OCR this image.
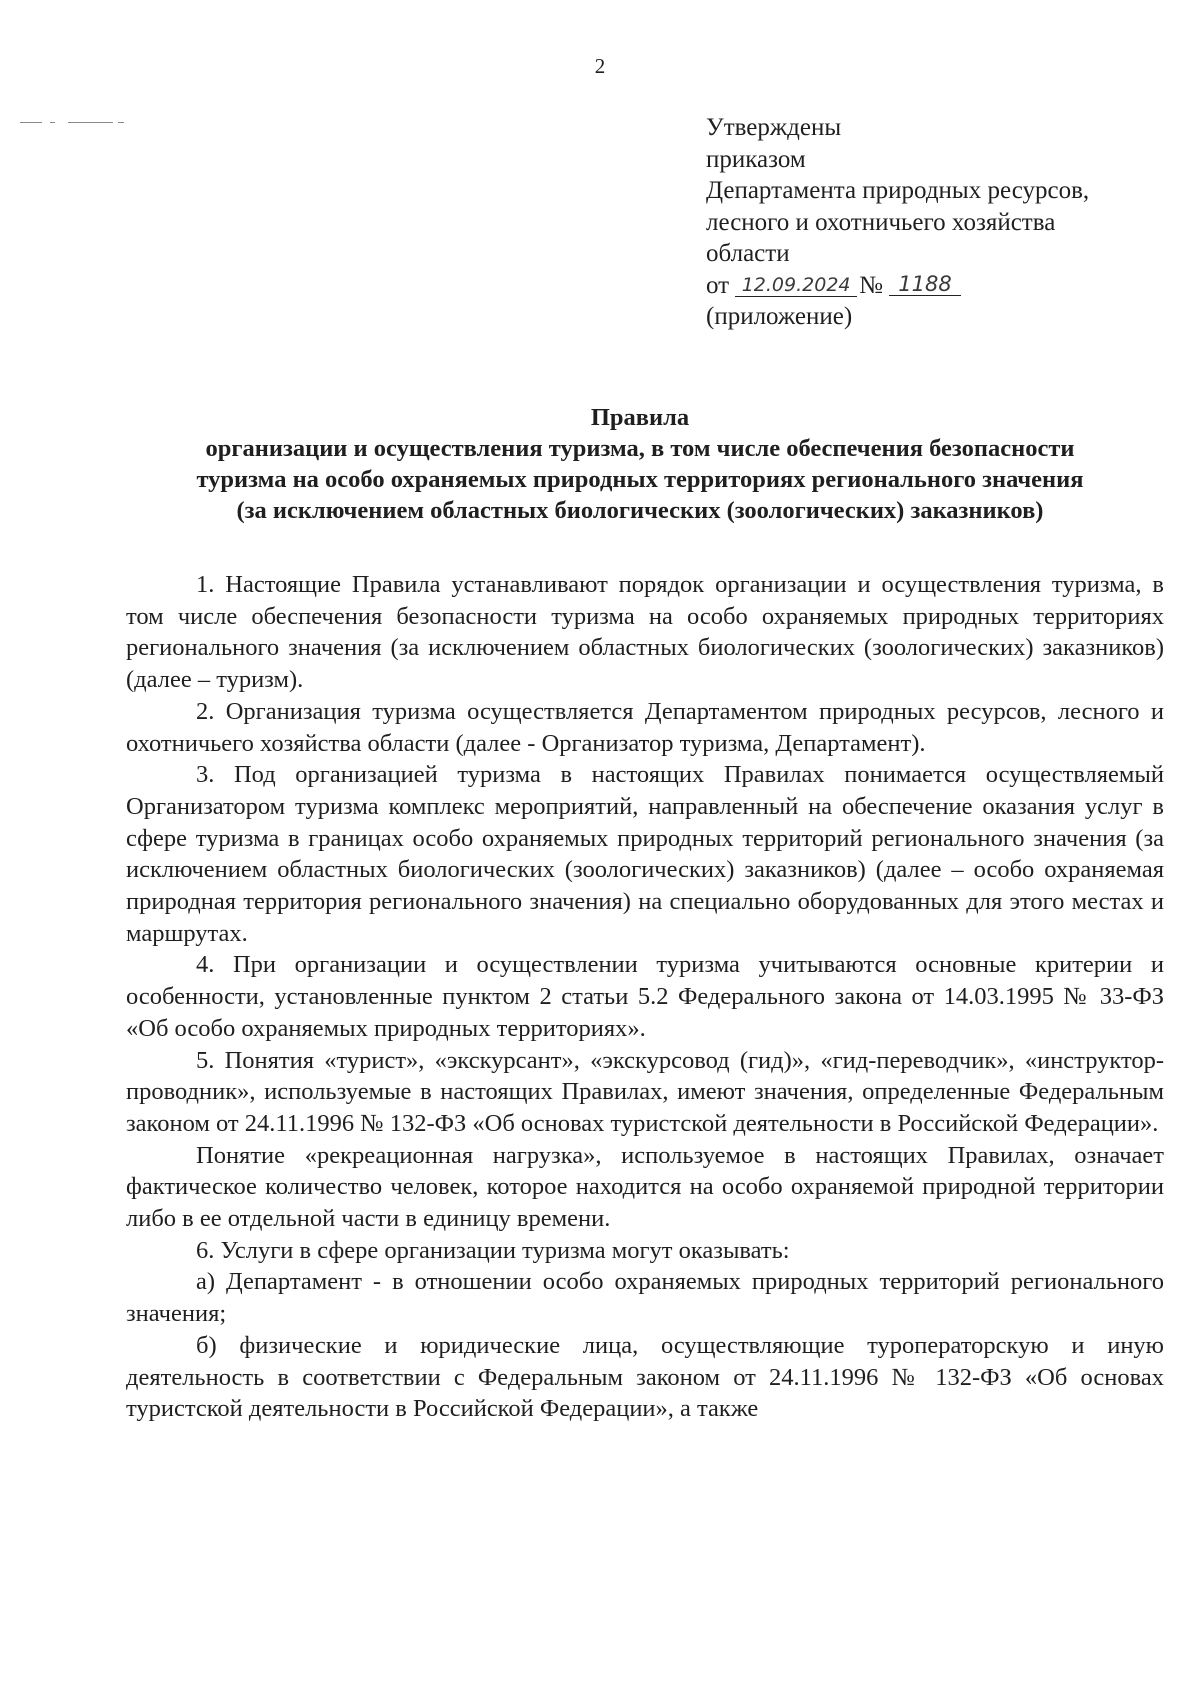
2
Утверждены
приказом
Департамента природных ресурсов,
лесного и охотничьего хозяйства
области
от 12.09.2024 № 1188
(приложение)
Правила
организации и осуществления туризма, в том числе обеспечения безопасности
туризма на особо охраняемых природных территориях регионального значения
(за исключением областных биологических (зоологических) заказников)

1. Настоящие Правила устанавливают порядок организации и осуществления туризма, в том числе обеспечения безопасности туризма на особо охраняемых природных территориях регионального значения (за исключением областных биологических (зоологических) заказников) (далее – туризм).

2. Организация туризма осуществляется Департаментом природных ресурсов, лесного и охотничьего хозяйства области (далее - Организатор туризма, Департамент).

3. Под организацией туризма в настоящих Правилах понимается осуществляемый Организатором туризма комплекс мероприятий, направленный на обеспечение оказания услуг в сфере туризма в границах особо охраняемых природных территорий регионального значения (за исключением областных биологических (зоологических) заказников) (далее – особо охраняемая природная территория регионального значения) на специально оборудованных для этого местах и маршрутах.

4. При организации и осуществлении туризма учитываются основные критерии и особенности, установленные пунктом 2 статьи 5.2 Федерального закона от 14.03.1995 № 33-ФЗ «Об особо охраняемых природных территориях».

5. Понятия «турист», «экскурсант», «экскурсовод (гид)», «гид-переводчик», «инструктор-проводник», используемые в настоящих Правилах, имеют значения, определенные Федеральным законом от 24.11.1996 № 132-ФЗ «Об основах туристской деятельности в Российской Федерации».

Понятие «рекреационная нагрузка», используемое в настоящих Правилах, означает фактическое количество человек, которое находится на особо охраняемой природной территории либо в ее отдельной части в единицу времени.

6. Услуги в сфере организации туризма могут оказывать:

а) Департамент - в отношении особо охраняемых природных территорий регионального значения;

б) физические и юридические лица, осуществляющие туроператорскую и иную деятельность в соответствии с Федеральным законом от 24.11.1996 № 132-ФЗ «Об основах туристской деятельности в Российской Федерации», а также
